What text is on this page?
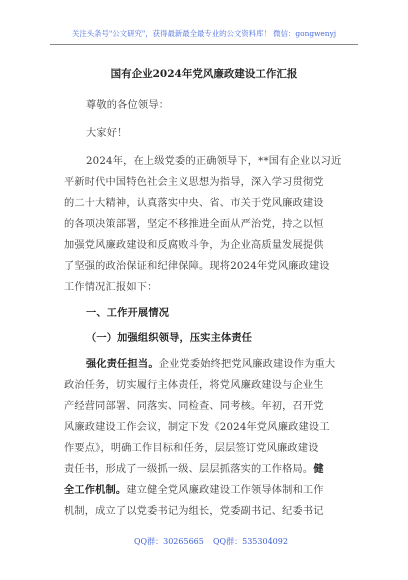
关注头条号"公文研究"，获得最新最全最专业的公文资料库！ 微信：gongwenyj
国有企业2024年党风廉政建设工作汇报
尊敬的各位领导：
大家好！
2024年，在上级党委的正确领导下，**国有企业以习近
平新时代中国特色社会主义思想为指导，深入学习贯彻党
的二十大精神，认真落实中央、省、市关于党风廉政建设
的各项决策部署，坚定不移推进全面从严治党，持之以恒
加强党风廉政建设和反腐败斗争，为企业高质量发展提供
了坚强的政治保证和纪律保障。现将2024年党风廉政建设
工作情况汇报如下：
一、工作开展情况
（一）加强组织领导，压实主体责任
强化责任担当。企业党委始终把党风廉政建设作为重大
政治任务，切实履行主体责任，将党风廉政建设与企业生
产经营同部署、同落实、同检查、同考核。年初，召开党
风廉政建设工作会议，制定下发《2024年党风廉政建设工
作要点》，明确工作目标和任务，层层签订党风廉政建设
责任书，形成了一级抓一级、层层抓落实的工作格局。健
全工作机制。建立健全党风廉政建设工作领导体制和工作
机制，成立了以党委书记为组长，党委副书记、纪委书记
QQ群：30265665 QQ群：535304092
